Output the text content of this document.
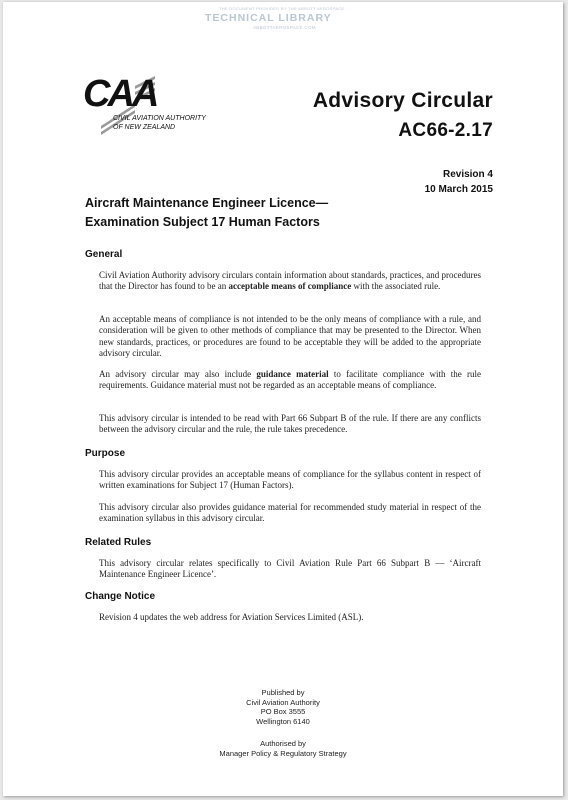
THE DOCUMENT PROVIDED BY THE ABBOTT AEROSPACE
TECHNICAL LIBRARY
ABBOTTAEROSPACE.COM
CAA
CIVIL AVIATION AUTHORITY
OF NEW ZEALAND
Advisory Circular
AC66-2.17
Revision 4
10 March 2015
Aircraft Maintenance Engineer Licence—
Examination Subject 17 Human Factors
General
Civil Aviation Authority advisory circulars contain information about standards, practices, and procedures that the Director has found to be an acceptable means of compliance with the associated rule.
An acceptable means of compliance is not intended to be the only means of compliance with a rule, and consideration will be given to other methods of compliance that may be presented to the Director. When new standards, practices, or procedures are found to be acceptable they will be added to the appropriate advisory circular.
An advisory circular may also include guidance material to facilitate compliance with the rule requirements. Guidance material must not be regarded as an acceptable means of compliance.
This advisory circular is intended to be read with Part 66 Subpart B of the rule. If there are any conflicts between the advisory circular and the rule, the rule takes precedence.
Purpose
This advisory circular provides an acceptable means of compliance for the syllabus content in respect of written examinations for Subject 17 (Human Factors).
This advisory circular also provides guidance material for recommended study material in respect of the examination syllabus in this advisory circular.
Related Rules
This advisory circular relates specifically to Civil Aviation Rule Part 66 Subpart B — ‘Aircraft Maintenance Engineer Licence’.
Change Notice
Revision 4 updates the web address for Aviation Services Limited (ASL).
Published by
Civil Aviation Authority
PO Box 3555
Wellington 6140
Authorised by
Manager Policy & Regulatory Strategy
